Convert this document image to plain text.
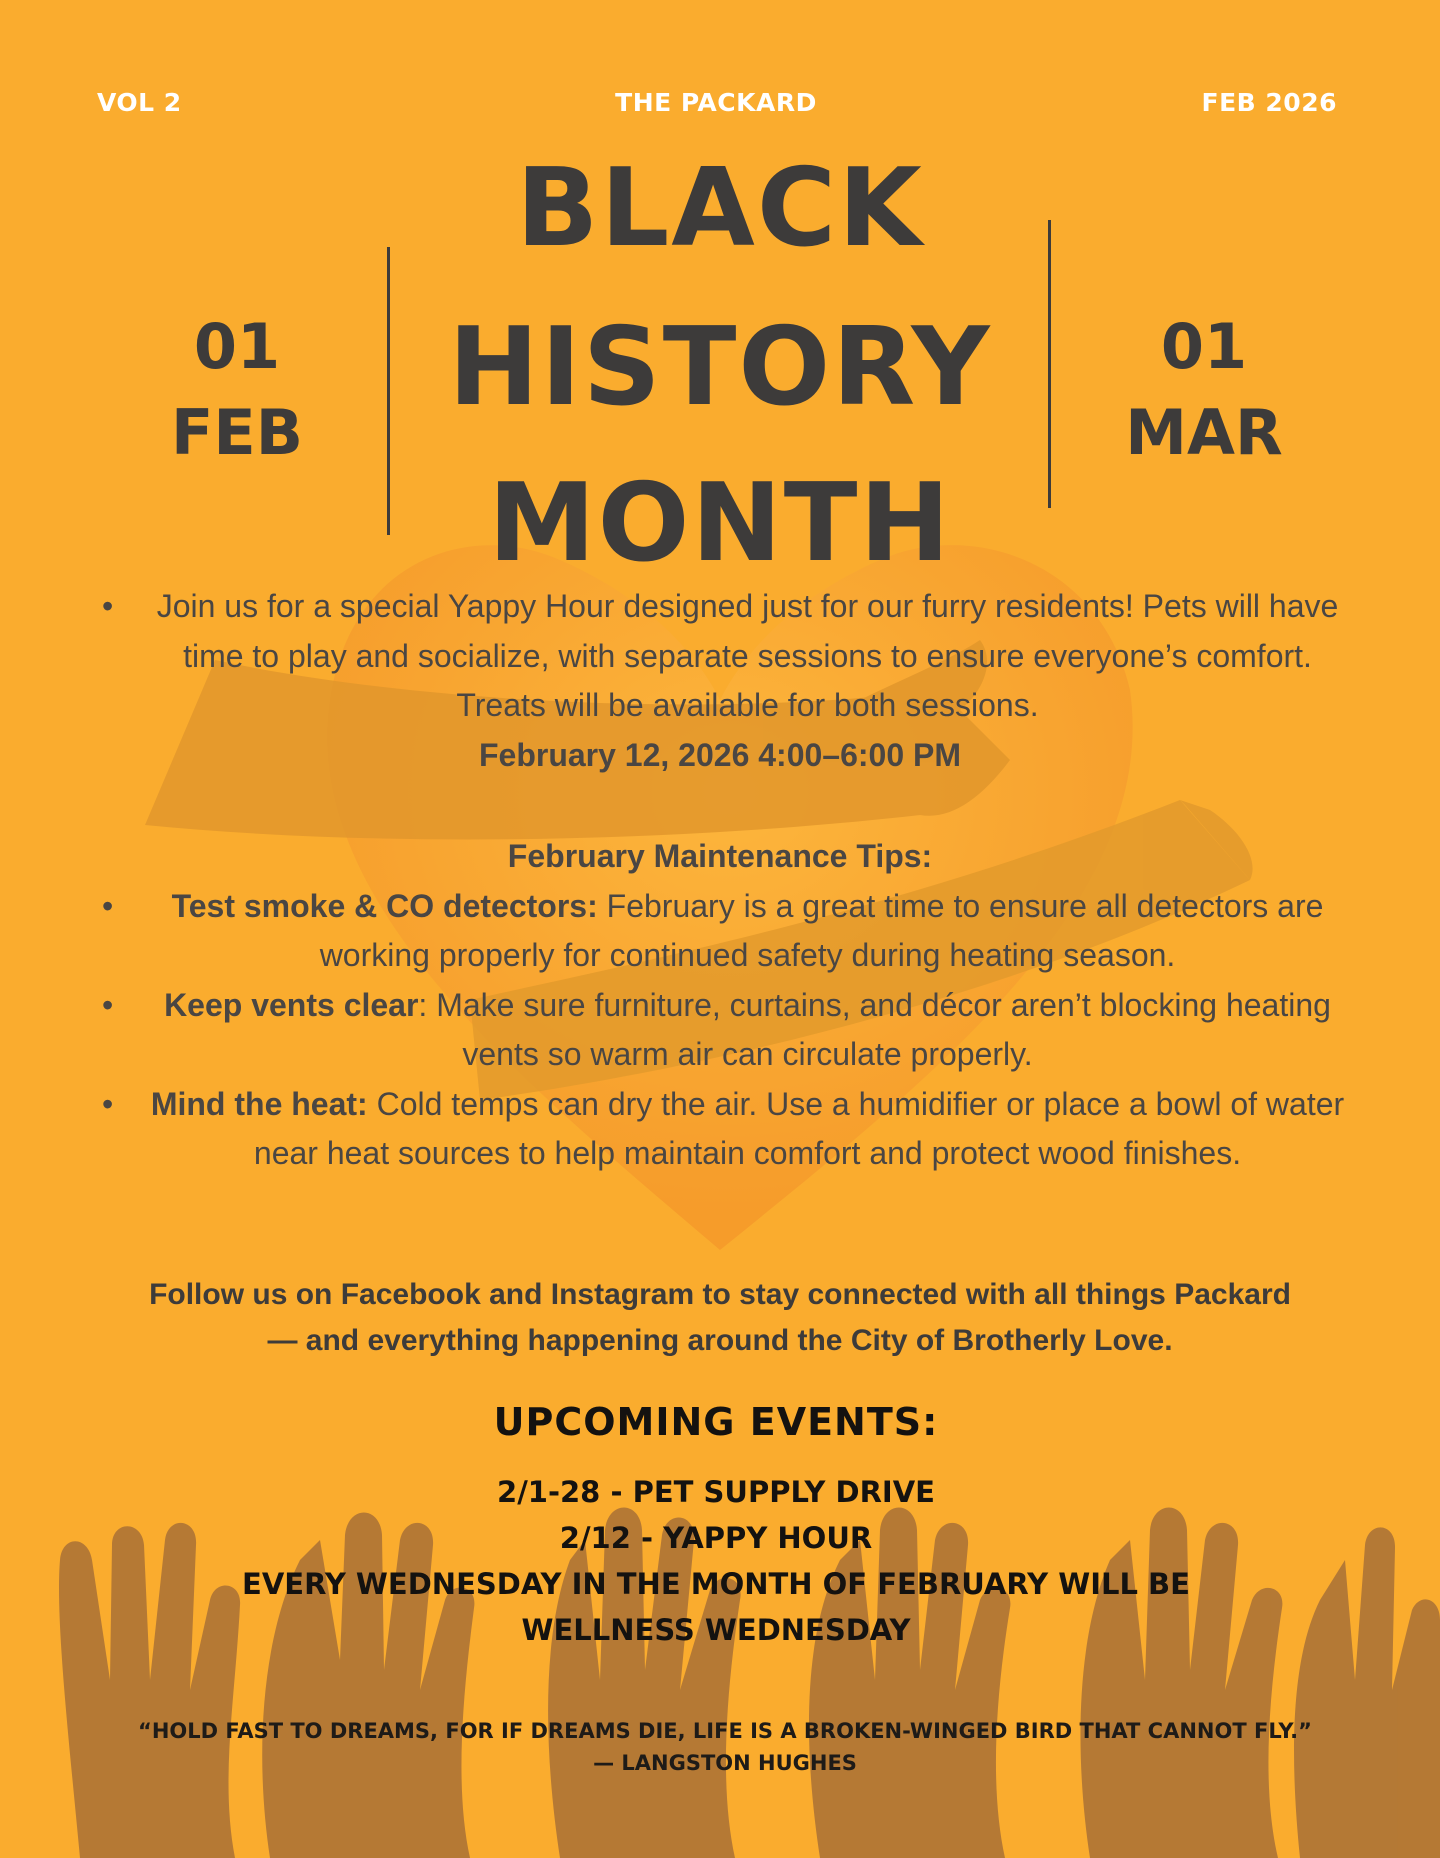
VOL 2	THE PACKARD	FEB 2026
01
FEB
BLACK
HISTORY
MONTH
01
MAR
• Join us for a special Yappy Hour designed just for our furry residents! Pets will have time to play and socialize, with separate sessions to ensure everyone’s comfort. Treats will be available for both sessions.
February 12, 2026 4:00–6:00 PM
February Maintenance Tips:
• Test smoke & CO detectors: February is a great time to ensure all detectors are working properly for continued safety during heating season.
• Keep vents clear: Make sure furniture, curtains, and décor aren’t blocking heating vents so warm air can circulate properly.
• Mind the heat: Cold temps can dry the air. Use a humidifier or place a bowl of water near heat sources to help maintain comfort and protect wood finishes.
Follow us on Facebook and Instagram to stay connected with all things Packard
— and everything happening around the City of Brotherly Love.
UPCOMING EVENTS:
2/1-28 - PET SUPPLY DRIVE
2/12 - YAPPY HOUR
EVERY WEDNESDAY IN THE MONTH OF FEBRUARY WILL BE
WELLNESS WEDNESDAY
“HOLD FAST TO DREAMS, FOR IF DREAMS DIE, LIFE IS A BROKEN-WINGED BIRD THAT CANNOT FLY.”
— LANGSTON HUGHES
